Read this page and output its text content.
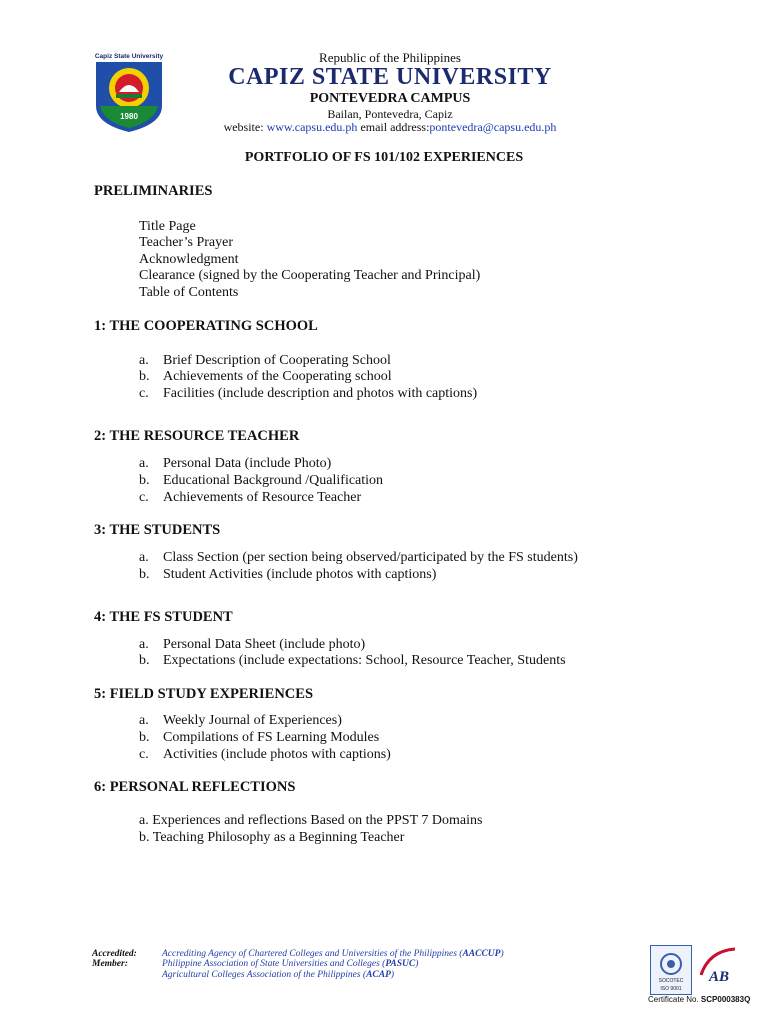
Capiz State University
1980
Republic of the Philippines
CAPIZ STATE UNIVERSITY
PONTEVEDRA CAMPUS
Bailan, Pontevedra, Capiz
website: www.capsu.edu.ph email address:pontevedra@capsu.edu.ph
PORTFOLIO OF FS 101/102 EXPERIENCES
PRELIMINARIES
Title Page
Teacher’s Prayer
Acknowledgment
Clearance (signed by the Cooperating Teacher and Principal)
Table of Contents
1: THE COOPERATING SCHOOL
a. Brief Description of Cooperating School
b. Achievements of the Cooperating school
c. Facilities (include description and photos with captions)
2: THE RESOURCE TEACHER
a. Personal Data (include Photo)
b. Educational Background /Qualification
c. Achievements of Resource Teacher
3: THE STUDENTS
a. Class Section (per section being observed/participated by the FS students)
b. Student Activities (include photos with captions)
4: THE FS STUDENT
a. Personal Data Sheet (include photo)
b. Expectations (include expectations: School, Resource Teacher, Students
5: FIELD STUDY EXPERIENCES
a. Weekly Journal of Experiences)
b. Compilations of FS Learning Modules
c. Activities (include photos with captions)
6: PERSONAL REFLECTIONS
a. Experiences and reflections Based on the PPST 7 Domains
b. Teaching Philosophy as a Beginning Teacher
Accredited:
Member:
Accrediting Agency of Chartered Colleges and Universities of the Philippines (AACCUP)
Philippine Association of State Universities and Colleges (PASUC)
Agricultural Colleges Association of the Philippines (ACAP)
SOCOTEC
ISO 9001
AB
Certificate No. SCP000383Q
